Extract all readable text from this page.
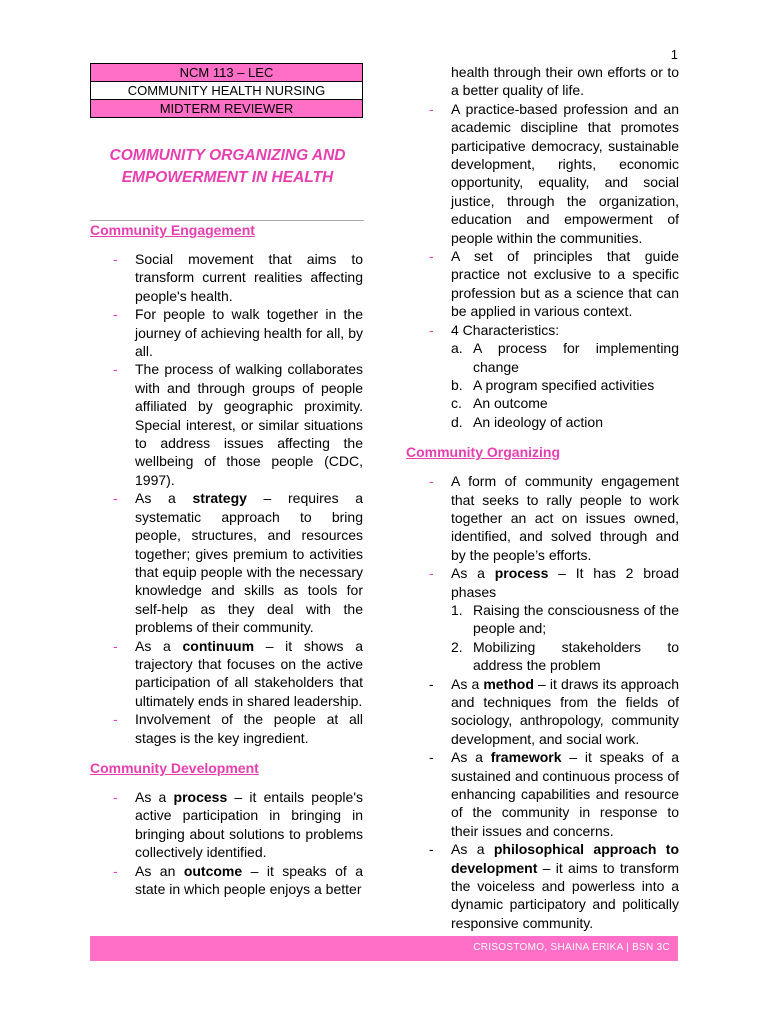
1
NCM 113 – LEC
COMMUNITY HEALTH NURSING
MIDTERM REVIEWER
COMMUNITY ORGANIZING AND EMPOWERMENT IN HEALTH
Community Engagement
- Social movement that aims to transform current realities affecting people's health.
- For people to walk together in the journey of achieving health for all, by all.
- The process of walking collaborates with and through groups of people affiliated by geographic proximity. Special interest, or similar situations to address issues affecting the wellbeing of those people (CDC, 1997).
- As a strategy – requires a systematic approach to bring people, structures, and resources together; gives premium to activities that equip people with the necessary knowledge and skills as tools for self-help as they deal with the problems of their community.
- As a continuum – it shows a trajectory that focuses on the active participation of all stakeholders that ultimately ends in shared leadership.
- Involvement of the people at all stages is the key ingredient.
Community Development
- As a process – it entails people's active participation in bringing in bringing about solutions to problems collectively identified.
- As an outcome – it speaks of a state in which people enjoys a better
health through their own efforts or to a better quality of life.
- A practice-based profession and an academic discipline that promotes participative democracy, sustainable development, rights, economic opportunity, equality, and social justice, through the organization, education and empowerment of people within the communities.
- A set of principles that guide practice not exclusive to a specific profession but as a science that can be applied in various context.
- 4 Characteristics:
a. A process for implementing change
b. A program specified activities
c. An outcome
d. An ideology of action
Community Organizing
- A form of community engagement that seeks to rally people to work together an act on issues owned, identified, and solved through and by the people’s efforts.
- As a process – It has 2 broad phases
1. Raising the consciousness of the people and;
2. Mobilizing stakeholders to address the problem
- As a method – it draws its approach and techniques from the fields of sociology, anthropology, community development, and social work.
- As a framework – it speaks of a sustained and continuous process of enhancing capabilities and resource of the community in response to their issues and concerns.
- As a philosophical approach to development – it aims to transform the voiceless and powerless into a dynamic participatory and politically responsive community.
CRISOSTOMO, SHAINA ERIKA | BSN 3C
